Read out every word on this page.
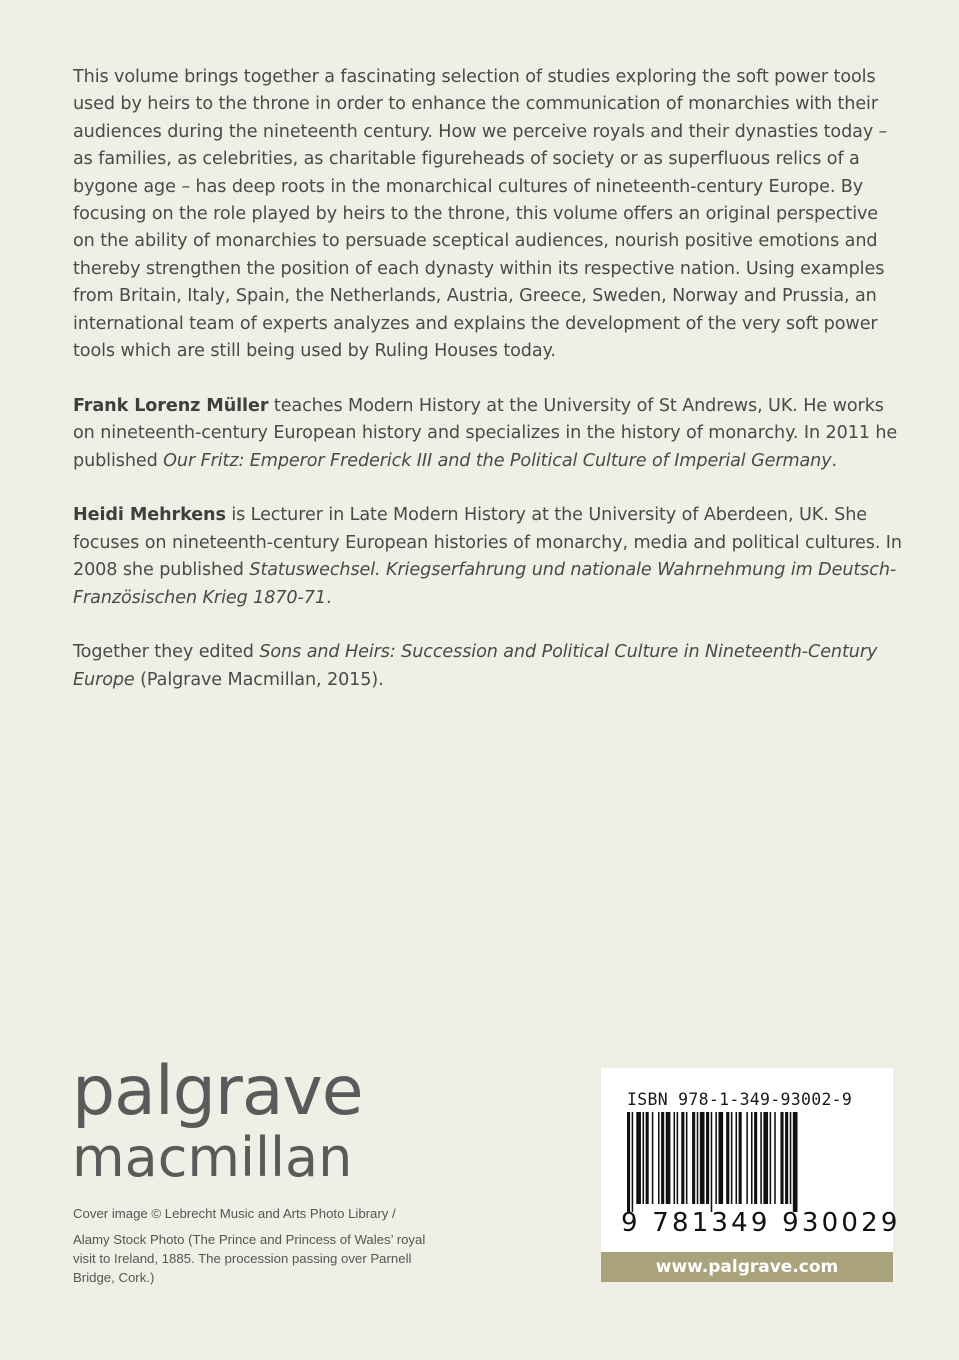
This volume brings together a fascinating selection of studies exploring the soft power tools used by heirs to the throne in order to enhance the communication of monarchies with their audiences during the nineteenth century. How we perceive royals and their dynasties today – as families, as celebrities, as charitable figureheads of society or as superfluous relics of a bygone age – has deep roots in the monarchical cultures of nineteenth-century Europe. By focusing on the role played by heirs to the throne, this volume offers an original perspective on the ability of monarchies to persuade sceptical audiences, nourish positive emotions and thereby strengthen the position of each dynasty within its respective nation. Using examples from Britain, Italy, Spain, the Netherlands, Austria, Greece, Sweden, Norway and Prussia, an international team of experts analyzes and explains the development of the very soft power tools which are still being used by Ruling Houses today.

Frank Lorenz Müller teaches Modern History at the University of St Andrews, UK. He works on nineteenth-century European history and specializes in the history of monarchy. In 2011 he published Our Fritz: Emperor Frederick III and the Political Culture of Imperial Germany.

Heidi Mehrkens is Lecturer in Late Modern History at the University of Aberdeen, UK. She focuses on nineteenth-century European histories of monarchy, media and political cultures. In 2008 she published Statuswechsel. Kriegserfahrung und nationale Wahrnehmung im Deutsch-Französischen Krieg 1870-71.

Together they edited Sons and Heirs: Succession and Political Culture in Nineteenth-Century Europe (Palgrave Macmillan, 2015).

palgrave
macmillan
Cover image © Lebrecht Music and Arts Photo Library /
Alamy Stock Photo (The Prince and Princess of Wales’ royal visit to Ireland, 1885. The procession passing over Parnell Bridge, Cork.)
ISBN 978-1-349-93002-9
9 781349 930029
www.palgrave.com
